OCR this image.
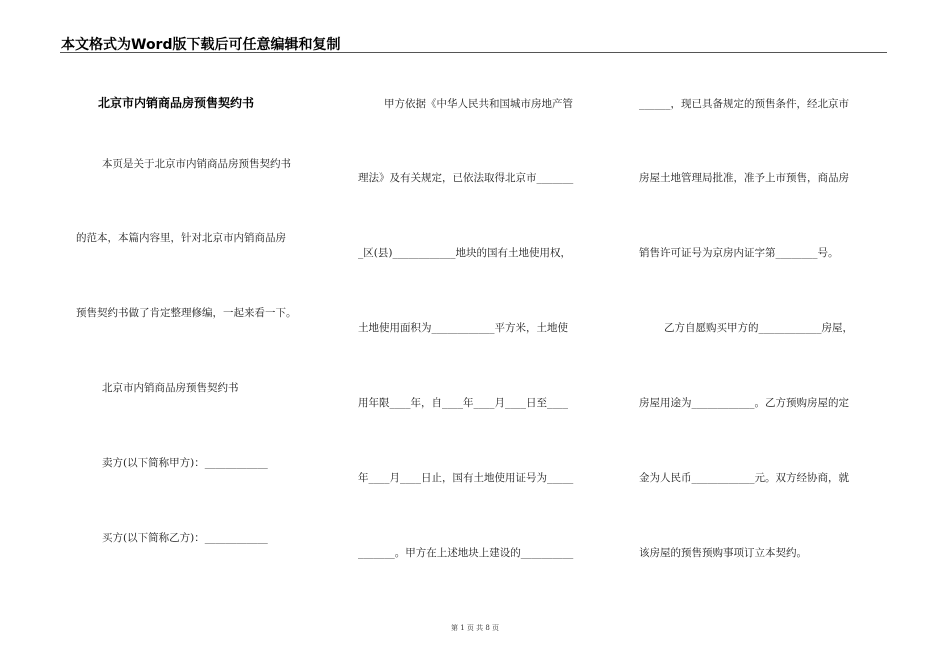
本文格式为Word版下载后可任意编辑和复制
北京市内销商品房预售契约书
本页是关于北京市内销商品房预售契约书
的范本，本篇内容里，针对北京市内销商品房
预售契约书做了肯定整理修编，一起来看一下。
北京市内销商品房预售契约书
卖方(以下简称甲方)：____________
买方(以下简称乙方)：____________
甲方依据《中华人民共和国城市房地产管
理法》及有关规定，已依法取得北京市_______
_区(县)____________地块的国有土地使用权，
土地使用面积为____________平方米，土地使
用年限____年，自____年____月____日至____
年____月____日止，国有土地使用证号为_____
_______。甲方在上述地块上建设的__________
______，现已具备规定的预售条件，经北京市
房屋土地管理局批准，准予上市预售，商品房
销售许可证号为京房内证字第________号。
乙方自愿购买甲方的____________房屋，
房屋用途为____________。乙方预购房屋的定
金为人民币____________元。双方经协商，就
该房屋的预售预购事项订立本契约。
第 1 页 共 8 页
